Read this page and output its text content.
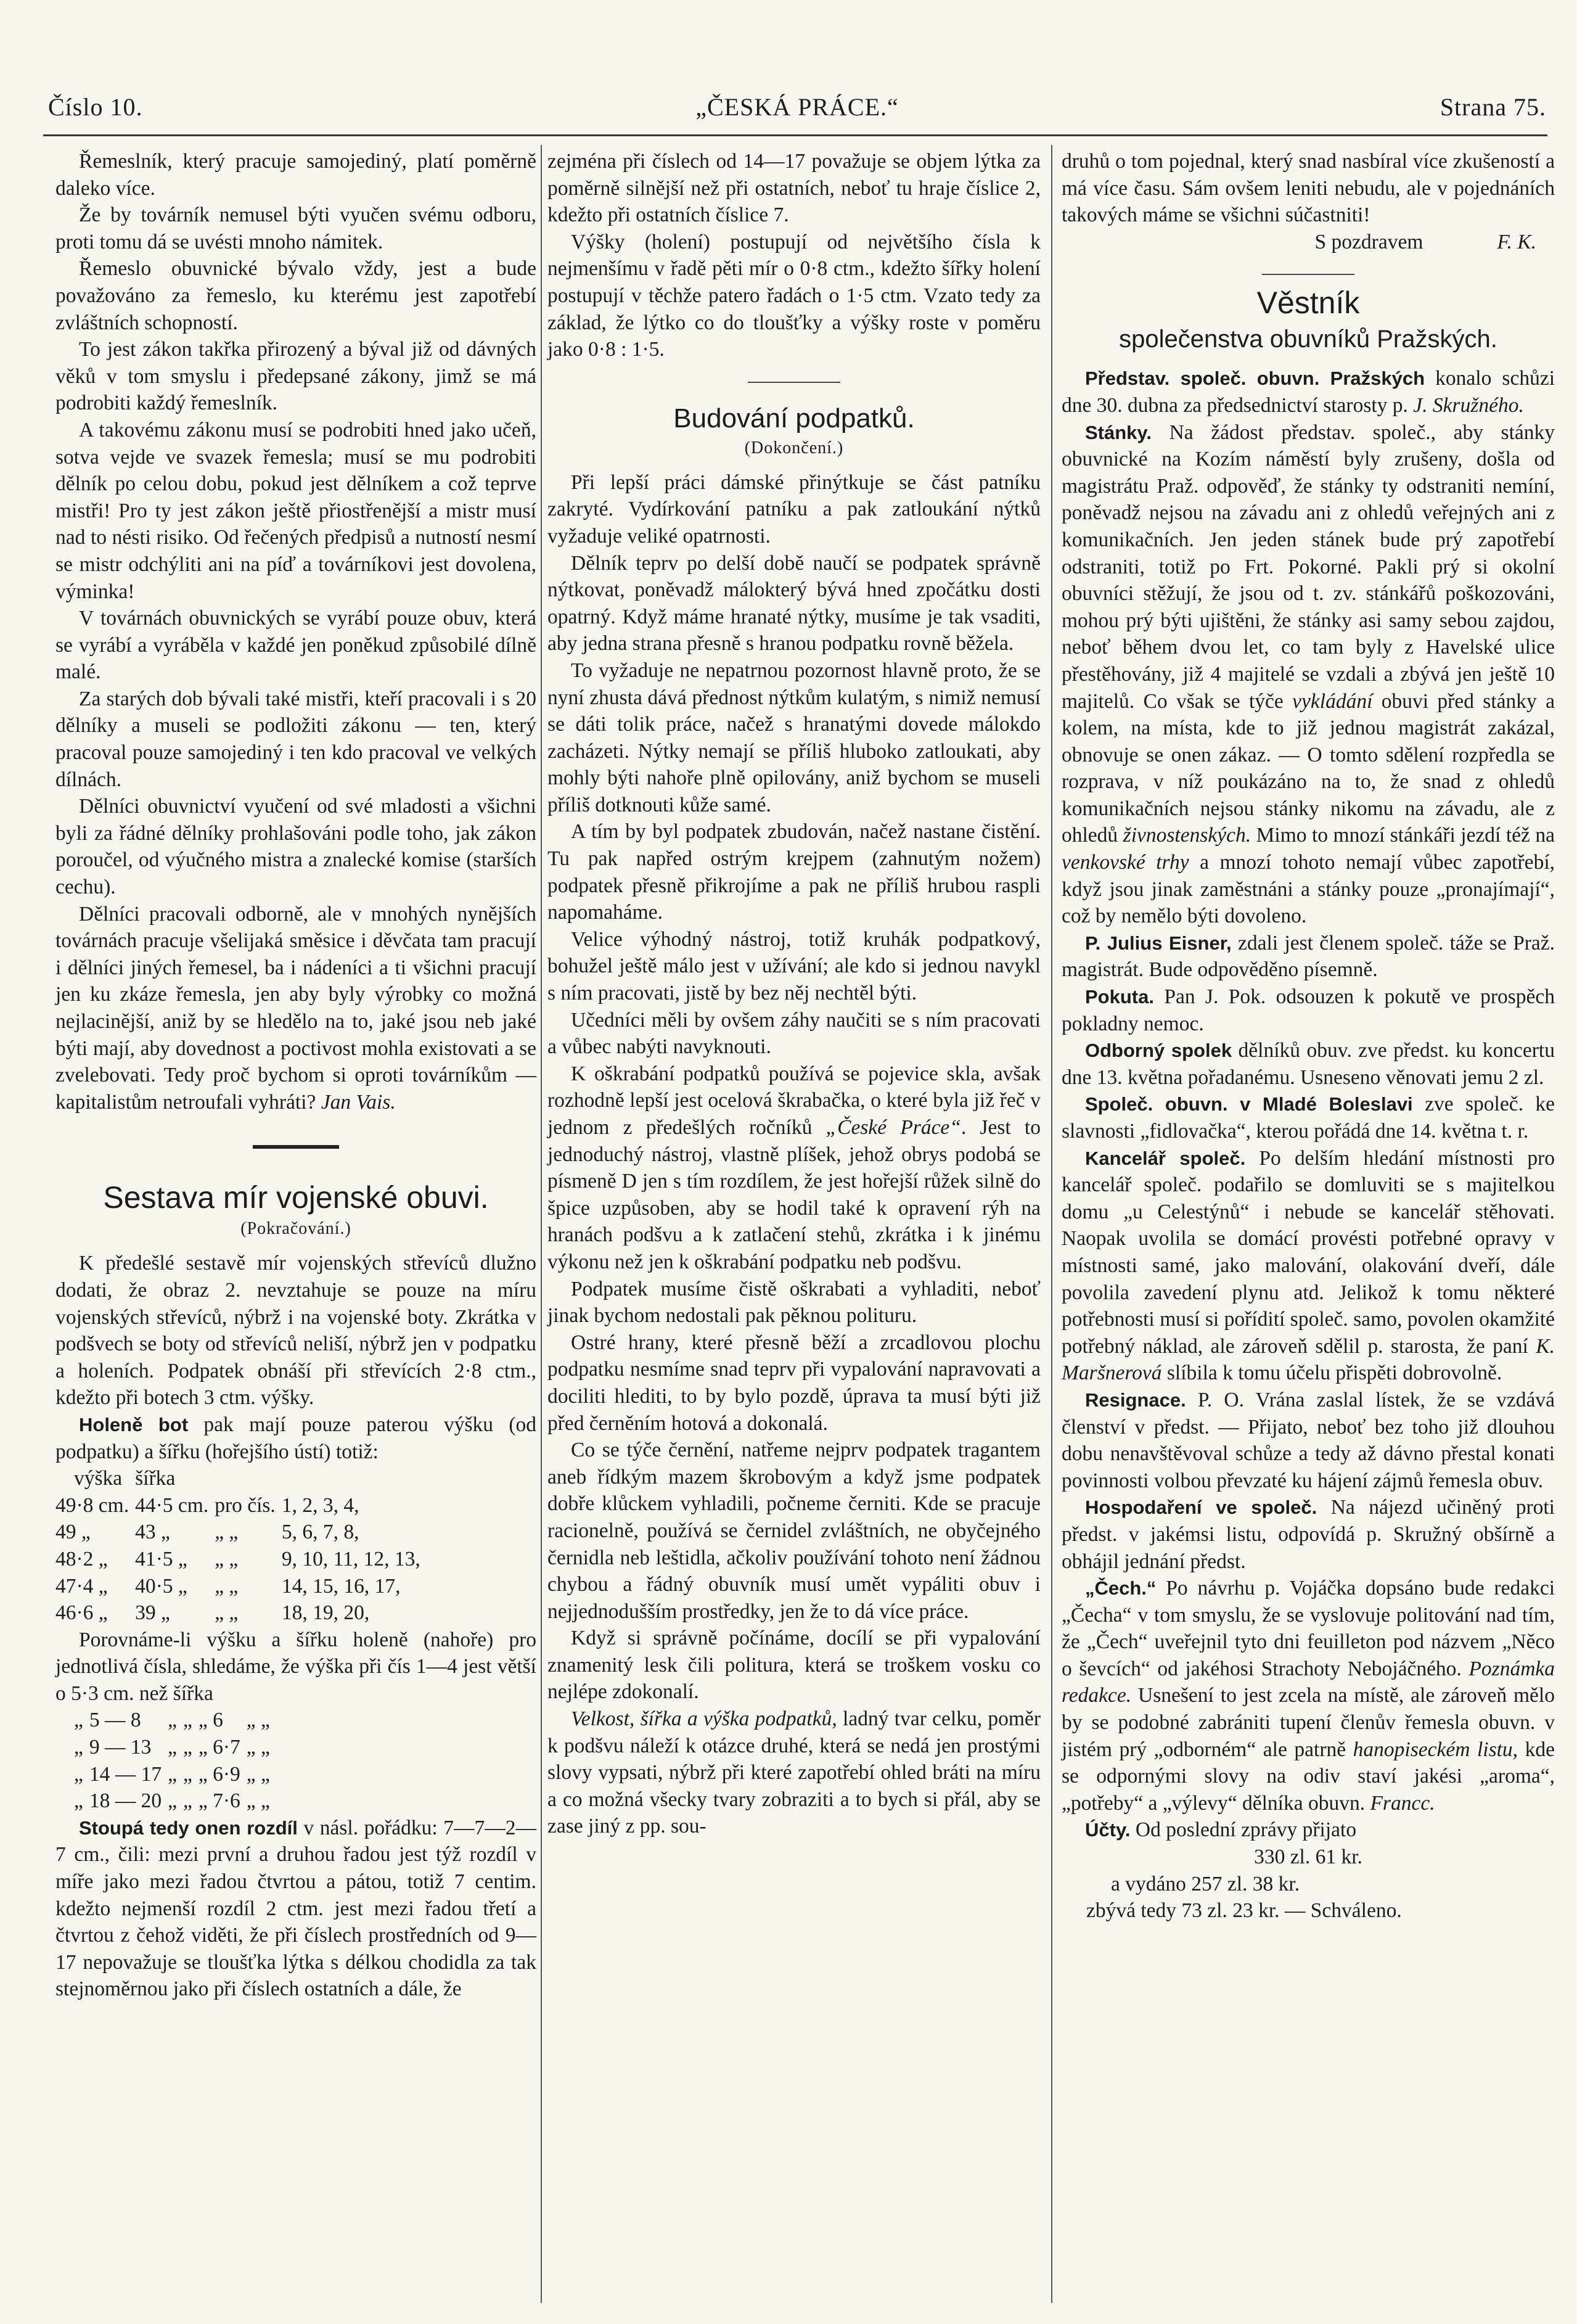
Číslo 10.	„ČESKÁ PRÁCE.“	Strana 75.

Řemeslník, který pracuje samojediný, platí poměrně daleko více.

Že by továrník nemusel býti vyučen svému odboru, proti tomu dá se uvésti mnoho námitek.

Řemeslo obuvnické bývalo vždy, jest a bude považováno za řemeslo, ku kterému jest zapotřebí zvláštních schopností.

To jest zákon takřka přirozený a býval již od dávných věků v tom smyslu i předepsané zákony, jimž se má podrobiti každý řemeslník.

A takovému zákonu musí se podrobiti hned jako učeň, sotva vejde ve svazek řemesla; musí se mu podrobiti dělník po celou dobu, pokud jest dělníkem a což teprve mistři! Pro ty jest zákon ještě přiostřenější a mistr musí nad to nésti risiko. Od řečených předpisů a nutností nesmí se mistr odchýliti ani na píď a továrníkovi jest dovolena, výminka!

V továrnách obuvnických se vyrábí pouze obuv, která se vyrábí a vyráběla v každé jen poněkud způsobilé dílně malé.

Za starých dob bývali také mistři, kteří pracovali i s 20 dělníky a museli se podložiti zákonu — ten, který pracoval pouze samojediný i ten kdo pracoval ve velkých dílnách.

Dělníci obuvnictví vyučení od své mladosti a všichni byli za řádné dělníky prohlašováni podle toho, jak zákon poroučel, od výučného mistra a znalecké komise (starších cechu).

Dělníci pracovali odborně, ale v mnohých nynějších továrnách pracuje všelijaká směsice i děvčata tam pracují i dělníci jiných řemesel, ba i nádeníci a ti všichni pracují jen ku zkáze řemesla, jen aby byly výrobky co možná nejlacinější, aniž by se hledělo na to, jaké jsou neb jaké býti mají, aby dovednost a poctivost mohla existovati a se zvelebovati. Tedy proč bychom si oproti továrníkům — kapitalistům netroufali vyhráti? Jan Vais.

Sestava mír vojenské obuvi.
(Pokračování.)

K předešlé sestavě mír vojenských střevíců dlužno dodati, že obraz 2. nevztahuje se pouze na míru vojenských střevíců, nýbrž i na vojenské boty. Zkrátka v podšvech se boty od střevíců neliší, nýbrž jen v podpatku a holeních. Podpatek obnáší při střevících 2·8 ctm., kdežto při botech 3 ctm. výšky.

Holeně bot pak mají pouze paterou výšku (od podpatku) a šířku (hořejšího ústí) totiž:

výška	šířka		
49·8 cm.	44·5 cm.	pro čís.	1, 2, 3, 4,
49 „	43 „	„ „	5, 6, 7, 8,
48·2 „	41·5 „	„ „	9, 10, 11, 12, 13,
47·4 „	40·5 „	„ „	14, 15, 16, 17,
46·6 „	39 „	„ „	18, 19, 20,

Porovnáme-li výšku a šířku holeně (nahoře) pro jednotlivá čísla, shledáme, že výška při čís 1—4 jest větší o 5·3 cm. než šířka

„	5 — 8	„	„	„ 6	„ „
„	9 — 13	„	„	„ 6·7	„ „
„	14 — 17	„	„	„ 6·9	„ „
„	18 — 20	„	„	„ 7·6	„ „

Stoupá tedy onen rozdíl v násl. pořádku: 7—7—2—7 cm., čili: mezi první a druhou řadou jest týž rozdíl v míře jako mezi řadou čtvrtou a pátou, totiž 7 centim. kdežto nejmenší rozdíl 2 ctm. jest mezi řadou třetí a čtvrtou z čehož viděti, že při číslech prostředních od 9—17 nepovažuje se tloušťka lýtka s délkou chodidla za tak stejnoměrnou jako při číslech ostatních a dále, že

zejména při číslech od 14—17 považuje se objem lýtka za poměrně silnější než při ostatních, neboť tu hraje číslice 2, kdežto při ostatních číslice 7.

Výšky (holení) postupují od největšího čísla k nejmenšímu v řadě pěti mír o 0·8 ctm., kdežto šířky holení postupují v těchže patero řadách o 1·5 ctm. Vzato tedy za základ, že lýtko co do tloušťky a výšky roste v poměru jako 0·8 : 1·5.

Budování podpatků.
(Dokončení.)

Při lepší práci dámské přinýtkuje se část patníku zakryté. Vydírkování patníku a pak zatloukání nýtků vyžaduje veliké opatrnosti.

Dělník teprv po delší době naučí se podpatek správně nýtkovat, poněvadž málokterý bývá hned zpočátku dosti opatrný. Když máme hranaté nýtky, musíme je tak vsaditi, aby jedna strana přesně s hranou podpatku rovně běžela.

To vyžaduje ne nepatrnou pozornost hlavně proto, že se nyní zhusta dává přednost nýtkům kulatým, s nimiž nemusí se dáti tolik práce, načež s hranatými dovede málokdo zacházeti. Nýtky nemají se příliš hluboko zatloukati, aby mohly býti nahoře plně opilovány, aniž bychom se museli příliš dotknouti kůže samé.

A tím by byl podpatek zbudován, načež nastane čistění. Tu pak napřed ostrým krejpem (zahnutým nožem) podpatek přesně přikrojíme a pak ne příliš hrubou raspli napomaháme.

Velice výhodný nástroj, totiž kruhák podpatkový, bohužel ještě málo jest v užívání; ale kdo si jednou navykl s ním pracovati, jistě by bez něj nechtěl býti.

Učedníci měli by ovšem záhy naučiti se s ním pracovati a vůbec nabýti navyknouti.

K oškrabání podpatků používá se pojevice skla, avšak rozhodně lepší jest ocelová škrabačka, o které byla již řeč v jednom z předešlých ročníků „České Práce“. Jest to jednoduchý nástroj, vlastně plíšek, jehož obrys podobá se písmeně D jen s tím rozdílem, že jest hořejší růžek silně do špice uzpůsoben, aby se hodil také k opravení rýh na hranách podšvu a k zatlačení stehů, zkrátka i k jinému výkonu než jen k oškrabání podpatku neb podšvu.

Podpatek musíme čistě oškrabati a vyhladiti, neboť jinak bychom nedostali pak pěknou polituru.

Ostré hrany, které přesně běží a zrcadlovou plochu podpatku nesmíme snad teprv při vypalování napravovati a dociliti hlediti, to by bylo pozdě, úprava ta musí býti již před černěním hotová a dokonalá.

Co se týče černění, natřeme nejprv podpatek tragantem aneb řídkým mazem škrobovým a když jsme podpatek dobře klůckem vyhladili, počneme černiti. Kde se pracuje racionelně, používá se černidel zvláštních, ne obyčejného černidla neb leštidla, ačkoliv používání tohoto není žádnou chybou a řádný obuvník musí umět vypáliti obuv i nejjednodušším prostředky, jen že to dá více práce.

Když si správně počínáme, docílí se při vypalování znamenitý lesk čili politura, která se troškem vosku co nejlépe zdokonalí.

Velkost, šířka a výška podpatků, ladný tvar celku, poměr k podšvu náleží k otázce druhé, která se nedá jen prostými slovy vypsati, nýbrž při které zapotřebí ohled bráti na míru a co možná všecky tvary zobraziti a to bych si přál, aby se zase jiný z pp. sou-

druhů o tom pojednal, který snad nasbíral více zkušeností a má více času. Sám ovšem leniti nebudu, ale v pojednáních takových máme se všichni súčastniti!

S pozdravem	F. K.
Věstník
společenstva obuvníků Pražských.

Představ. společ. obuvn. Pražských konalo schůzi dne 30. dubna za předsednictví starosty p. J. Skružného.

Stánky. Na žádost představ. společ., aby stánky obuvnické na Kozím náměstí byly zrušeny, došla od magistrátu Praž. odpověď, že stánky ty odstraniti nemíní, poněvadž nejsou na závadu ani z ohledů veřejných ani z komunikačních. Jen jeden stánek bude prý zapotřebí odstraniti, totiž po Frt. Pokorné. Pakli prý si okolní obuvníci stěžují, že jsou od t. zv. stánkářů poškozováni, mohou prý býti ujištěni, že stánky asi samy sebou zajdou, neboť během dvou let, co tam byly z Havelské ulice přestěhovány, již 4 majitelé se vzdali a zbývá jen ještě 10 majitelů. Co však se týče vykládání obuvi před stánky a kolem, na místa, kde to již jednou magistrát zakázal, obnovuje se onen zákaz. — O tomto sdělení rozpředla se rozprava, v níž poukázáno na to, že snad z ohledů komunikačních nejsou stánky nikomu na závadu, ale z ohledů živnostenských. Mimo to mnozí stánkáři jezdí též na venkovské trhy a mnozí tohoto nemají vůbec zapotřebí, když jsou jinak zaměstnáni a stánky pouze „pronajímají“, což by nemělo býti dovoleno.

P. Julius Eisner, zdali jest členem společ. táže se Praž. magistrát. Bude odpověděno písemně.

Pokuta. Pan J. Pok. odsouzen k pokutě ve prospěch pokladny nemoc.

Odborný spolek dělníků obuv. zve předst. ku koncertu dne 13. května pořadanému. Usneseno věnovati jemu 2 zl.

Společ. obuvn. v Mladé Boleslavi zve společ. ke slavnosti „fidlovačka“, kterou pořádá dne 14. května t. r.

Kancelář společ. Po delším hledání místnosti pro kancelář společ. podařilo se domluviti se s majitelkou domu „u Celestýnů“ i nebude se kancelář stěhovati. Naopak uvolila se domácí provésti potřebné opravy v místnosti samé, jako malování, olakování dveří, dále povolila zavedení plynu atd. Jelikož k tomu některé potřebnosti musí si pořídití společ. samo, povolen okamžité potřebný náklad, ale zároveň sdělil p. starosta, že paní K. Maršnerová slíbila k tomu účelu přispěti dobrovolně.

Resignace. P. O. Vrána zaslal lístek, že se vzdává členství v předst. — Přijato, neboť bez toho již dlouhou dobu nenavštěvoval schůze a tedy až dávno přestal konati povinnosti volbou převzaté ku hájení zájmů řemesla obuv.

Hospodaření ve společ. Na nájezd učiněný proti předst. v jakémsi listu, odpovídá p. Skružný obšírně a obhájil jednání předst.

„Čech.“ Po návrhu p. Vojáčka dopsáno bude redakci „Čecha“ v tom smyslu, že se vyslovuje politování nad tím, že „Čech“ uveřejnil tyto dni feuilleton pod názvem „Něco o ševcích“ od jakéhosi Strachoty Nebojáčného. Poznámka redakce. Usnešení to jest zcela na místě, ale zároveň mělo by se podobné zabrániti tupení členův řemesla obuvn. v jistém prý „odborném“ ale patrně hanopiseckém listu, kde se odpornými slovy na odiv staví jakési „aroma“, „potřeby“ a „výlevy“ dělníka obuvn. Francc.

Účty. Od poslední zprávy přijato

330 zl. 61 kr.
a vydáno 257 zl. 38 kr.
zbývá tedy 73 zl. 23 kr. — Schváleno.
